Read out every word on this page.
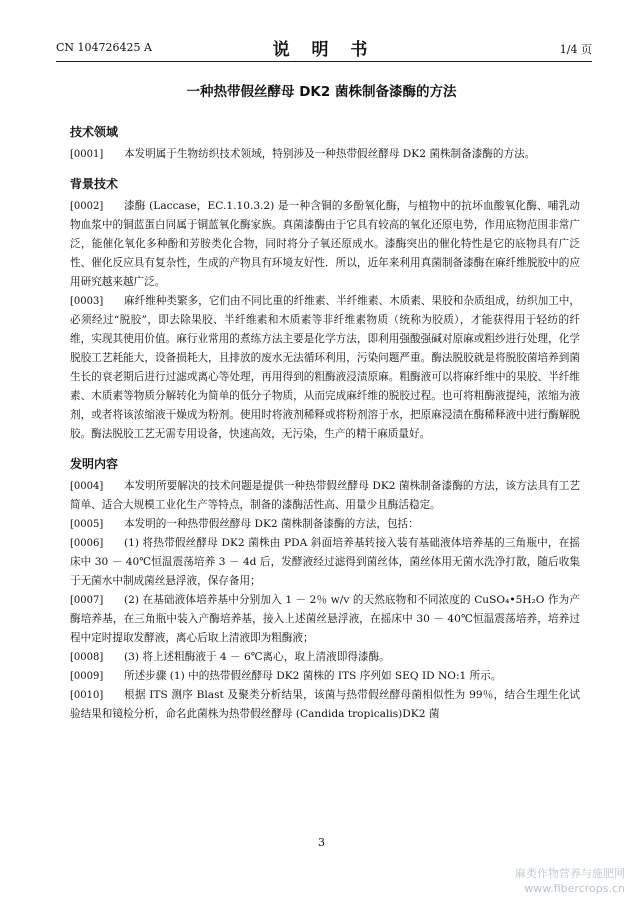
CN 104726425 A	说 明 书	1/4 页
一种热带假丝酵母 DK2 菌株制备漆酶的方法
技术领域
[0001]	本发明属于生物纺织技术领域，特别涉及一种热带假丝酵母 DK2 菌株制备漆酶的方法。
背景技术
[0002]	漆酶 (Laccase，EC.1.10.3.2) 是一种含铜的多酚氧化酶，与植物中的抗坏血酸氧化酶、哺乳动物血浆中的铜蓝蛋白同属于铜蓝氧化酶家族。真菌漆酶由于它具有较高的氧化还原电势，作用底物范围非常广泛，能催化氧化多种酚和芳胺类化合物，同时将分子氧还原成水。漆酶突出的催化特性是它的底物具有广泛性、催化反应具有复杂性，生成的产物具有环境友好性．所以，近年来利用真菌制备漆酶在麻纤维脱胶中的应用研究越来越广泛。
[0003]	麻纤维种类繁多，它们由不同比重的纤维素、半纤维素、木质素、果胶和杂质组成，纺织加工中，必须经过“脱胶”，即去除果胶、半纤维素和木质素等非纤维素物质（统称为胶质），才能获得用于轻纺的纤维，实现其使用价值。麻行业常用的煮练方法主要是化学方法，即利用强酸强碱对原麻或粗纱进行处理，化学脱胶工艺耗能大，设备损耗大，且排放的废水无法循环利用，污染问题严重。酶法脱胶就是将脱胶菌培养到菌生长的衰老期后进行过滤或离心等处理，再用得到的粗酶液浸渍原麻。粗酶液可以将麻纤维中的果胶、半纤维素、木质素等物质分解转化为简单的低分子物质，从而完成麻纤维的脱胶过程。也可将粗酶液提纯，浓缩为液剂，或者将该浓缩液干燥成为粉剂。使用时将液剂稀释或将粉剂溶于水，把原麻浸渍在酶稀释液中进行酶解脱胶。酶法脱胶工艺无需专用设备，快速高效，无污染，生产的精干麻质量好。
发明内容
[0004]	本发明所要解决的技术问题是提供一种热带假丝酵母 DK2 菌株制备漆酶的方法，该方法具有工艺简单、适合大规模工业化生产等特点，制备的漆酶活性高、用量少且酶活稳定。
[0005]	本发明的一种热带假丝酵母 DK2 菌株制备漆酶的方法，包括：
[0006]	(1) 将热带假丝酵母 DK2 菌株由 PDA 斜面培养基转接入装有基础液体培养基的三角瓶中，在摇床中 30 － 40℃恒温震荡培养 3 － 4d 后，发酵液经过滤得到菌丝体，菌丝体用无菌水洗净打散，随后收集于无菌水中制成菌丝悬浮液，保存备用；
[0007]	(2) 在基础液体培养基中分别加入 1 － 2％ w/v 的天然底物和不同浓度的 CuSO₄•5H₂O 作为产酶培养基，在三角瓶中装入产酶培养基，接入上述菌丝悬浮液，在摇床中 30 － 40℃恒温震荡培养，培养过程中定时提取发酵液，离心后取上清液即为粗酶液；
[0008]	(3) 将上述粗酶液于 4 － 6℃离心，取上清液即得漆酶。
[0009]	所述步骤 (1) 中的热带假丝酵母 DK2 菌株的 ITS 序列如 SEQ ID NO:1 所示。
[0010]	根据 ITS 测序 Blast 及聚类分析结果，该菌与热带假丝酵母菌相似性为 99％，结合生理生化试验结果和镜检分析，命名此菌株为热带假丝酵母 (Candida tropicalis)DK2 菌
3
麻类作物营养与施肥网
www.fibercrops.cn
